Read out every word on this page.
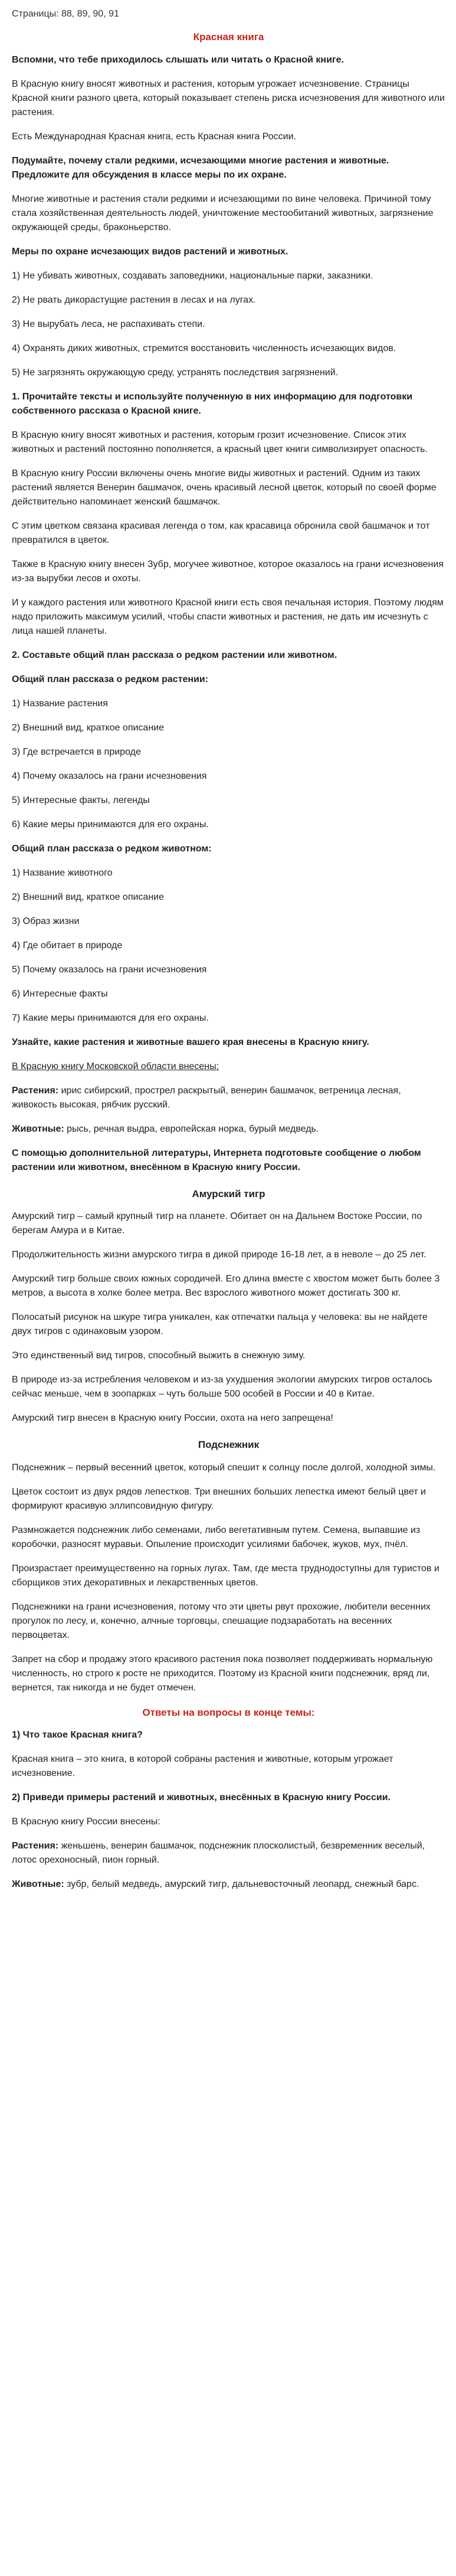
Страницы: 88, 89, 90, 91
Красная книга

Вспомни, что тебе приходилось слышать или читать о Красной книге.

В Красную книгу вносят животных и растения, которым угрожает исчезновение. Страницы Красной книги разного цвета, который показывает степень риска исчезновения для животного или растения.

Есть Международная Красная книга, есть Красная книга России.

Подумайте, почему стали редкими, исчезающими многие растения и животные. Предложите для обсуждения в классе меры по их охране.

Многие животные и растения стали редкими и исчезающими по вине человека. Причиной тому стала хозяйственная деятельность людей, уничтожение местообитаний животных, загрязнение окружающей среды, браконьерство.

Меры по охране исчезающих видов растений и животных.

1) Не убивать животных, создавать заповедники, национальные парки, заказники.

2) Не рвать дикорастущие растения в лесах и на лугах.

3) Не вырубать леса, не распахивать степи.

4) Охранять диких животных, стремится восстановить численность исчезающих видов.

5) Не загрязнять окружающую среду, устранять последствия загрязнений.

1. Прочитайте тексты и используйте полученную в них информацию для подготовки собственного рассказа о Красной книге.

В Красную книгу вносят животных и растения, которым грозит исчезновение. Список этих животных и растений постоянно пополняется, а красный цвет книги символизирует опасность.

В Красную книгу России включены очень многие виды животных и растений. Одним из таких растений является Венерин башмачок, очень красивый лесной цветок, который по своей форме действительно напоминает женский башмачок.

С этим цветком связана красивая легенда о том, как красавица обронила свой башмачок и тот превратился в цветок.

Также в Красную книгу внесен Зубр, могучее животное, которое оказалось на грани исчезновения из-за вырубки лесов и охоты.

И у каждого растения или животного Красной книги есть своя печальная история. Поэтому людям надо приложить максимум усилий, чтобы спасти животных и растения, не дать им исчезнуть с лица нашей планеты.

2. Составьте общий план рассказа о редком растении или животном.

Общий план рассказа о редком растении:

1) Название растения

2) Внешний вид, краткое описание

3) Где встречается в природе

4) Почему оказалось на грани исчезновения

5) Интересные факты, легенды

6) Какие меры принимаются для его охраны.

Общий план рассказа о редком животном:

1) Название животного

2) Внешний вид, краткое описание

3) Образ жизни

4) Где обитает в природе

5) Почему оказалось на грани исчезновения

6) Интересные факты

7) Какие меры принимаются для его охраны.

Узнайте, какие растения и животные вашего края внесены в Красную книгу.

В Красную книгу Московской области внесены:

Растения: ирис сибирский, прострел раскрытый, венерин башмачок, ветреница лесная, живокость высокая, рябчик русский.

Животные: рысь, речная выдра, европейская норка, бурый медведь.

С помощью дополнительной литературы, Интернета подготовьте сообщение о любом растении или животном, внесённом в Красную книгу России.

Амурский тигр

Амурский тигр – самый крупный тигр на планете. Обитает он на Дальнем Востоке России, по берегам Амура и в Китае.

Продолжительность жизни амурского тигра в дикой природе 16-18 лет, а в неволе – до 25 лет.

Амурский тигр больше своих южных сородичей. Его длина вместе с хвостом может быть более 3 метров, а высота в холке более метра. Вес взрослого животного может достигать 300 кг.

Полосатый рисунок на шкуре тигра уникален, как отпечатки пальца у человека: вы не найдете двух тигров с одинаковым узором.

Это единственный вид тигров, способный выжить в снежную зиму.

В природе из-за истребления человеком и из-за ухудшения экологии амурских тигров осталось сейчас меньше, чем в зоопарках – чуть больше 500 особей в России и 40 в Китае.

Амурский тигр внесен в Красную книгу России, охота на него запрещена!

Подснежник

Подснежник – первый весенний цветок, который спешит к солнцу после долгой, холодной зимы.

Цветок состоит из двух рядов лепестков. Три внешних больших лепестка имеют белый цвет и формируют красивую эллипсовидную фигуру.

Размножается подснежник либо семенами, либо вегетативным путем. Семена, выпавшие из коробочки, разносят муравьи. Опыление происходит усилиями бабочек, жуков, мух, пчёл.

Произрастает преимущественно на горных лугах. Там, где места труднодоступны для туристов и сборщиков этих декоративных и лекарственных цветов.

Подснежники на грани исчезновения, потому что эти цветы рвут прохожие, любители весенних прогулок по лесу, и, конечно, алчные торговцы, спешащие подзаработать на весенних первоцветах.

Запрет на сбор и продажу этого красивого растения пока позволяет поддерживать нормальную численность, но строго к росте не приходится. Поэтому из Красной книги подснежник, вряд ли, вернется, так никогда и не будет отмечен.

Ответы на вопросы в конце темы:

1) Что такое Красная книга?

Красная книга – это книга, в которой собраны растения и животные, которым угрожает исчезновение.

2) Приведи примеры растений и животных, внесённых в Красную книгу России.

В Красную книгу России внесены:

Растения: женьшень, венерин башмачок, подснежник плосколистый, безвременник веселый, лотос орехоносный, пион горный.

Животные: зубр, белый медведь, амурский тигр, дальневосточный леопард, снежный барс.
